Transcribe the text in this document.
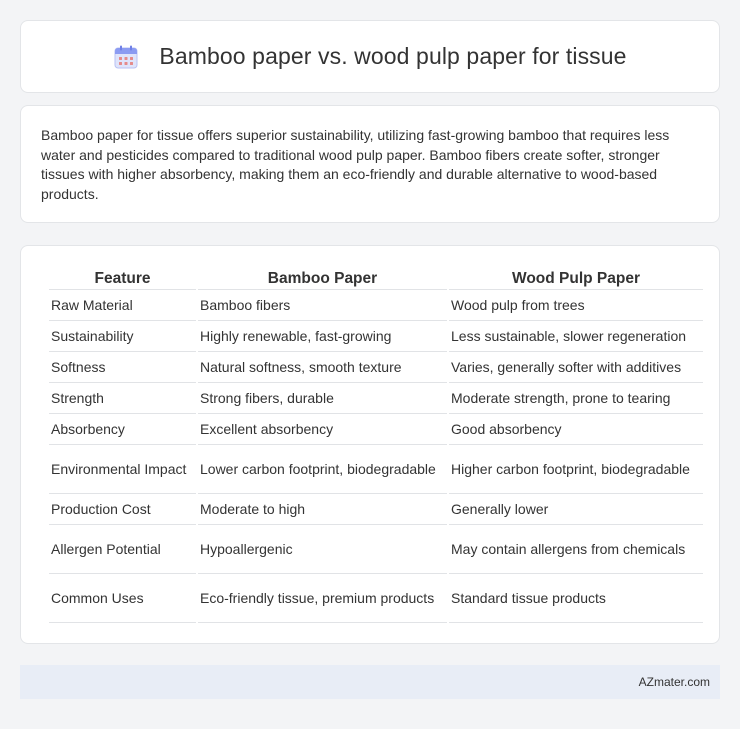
Bamboo paper vs. wood pulp paper for tissue

Bamboo paper for tissue offers superior sustainability, utilizing fast-growing bamboo that requires less water and pesticides compared to traditional wood pulp paper. Bamboo fibers create softer, stronger tissues with higher absorbency, making them an eco-friendly and durable alternative to wood-based products.

Feature	Bamboo Paper	Wood Pulp Paper
Raw Material	Bamboo fibers	Wood pulp from trees
Sustainability	Highly renewable, fast-growing	Less sustainable, slower regeneration
Softness	Natural softness, smooth texture	Varies, generally softer with additives
Strength	Strong fibers, durable	Moderate strength, prone to tearing
Absorbency	Excellent absorbency	Good absorbency
Environmental Impact	Lower carbon footprint, biodegradable	Higher carbon footprint, biodegradable
Production Cost	Moderate to high	Generally lower
Allergen Potential	Hypoallergenic	May contain allergens from chemicals
Common Uses	Eco-friendly tissue, premium products	Standard tissue products
AZmater.com
